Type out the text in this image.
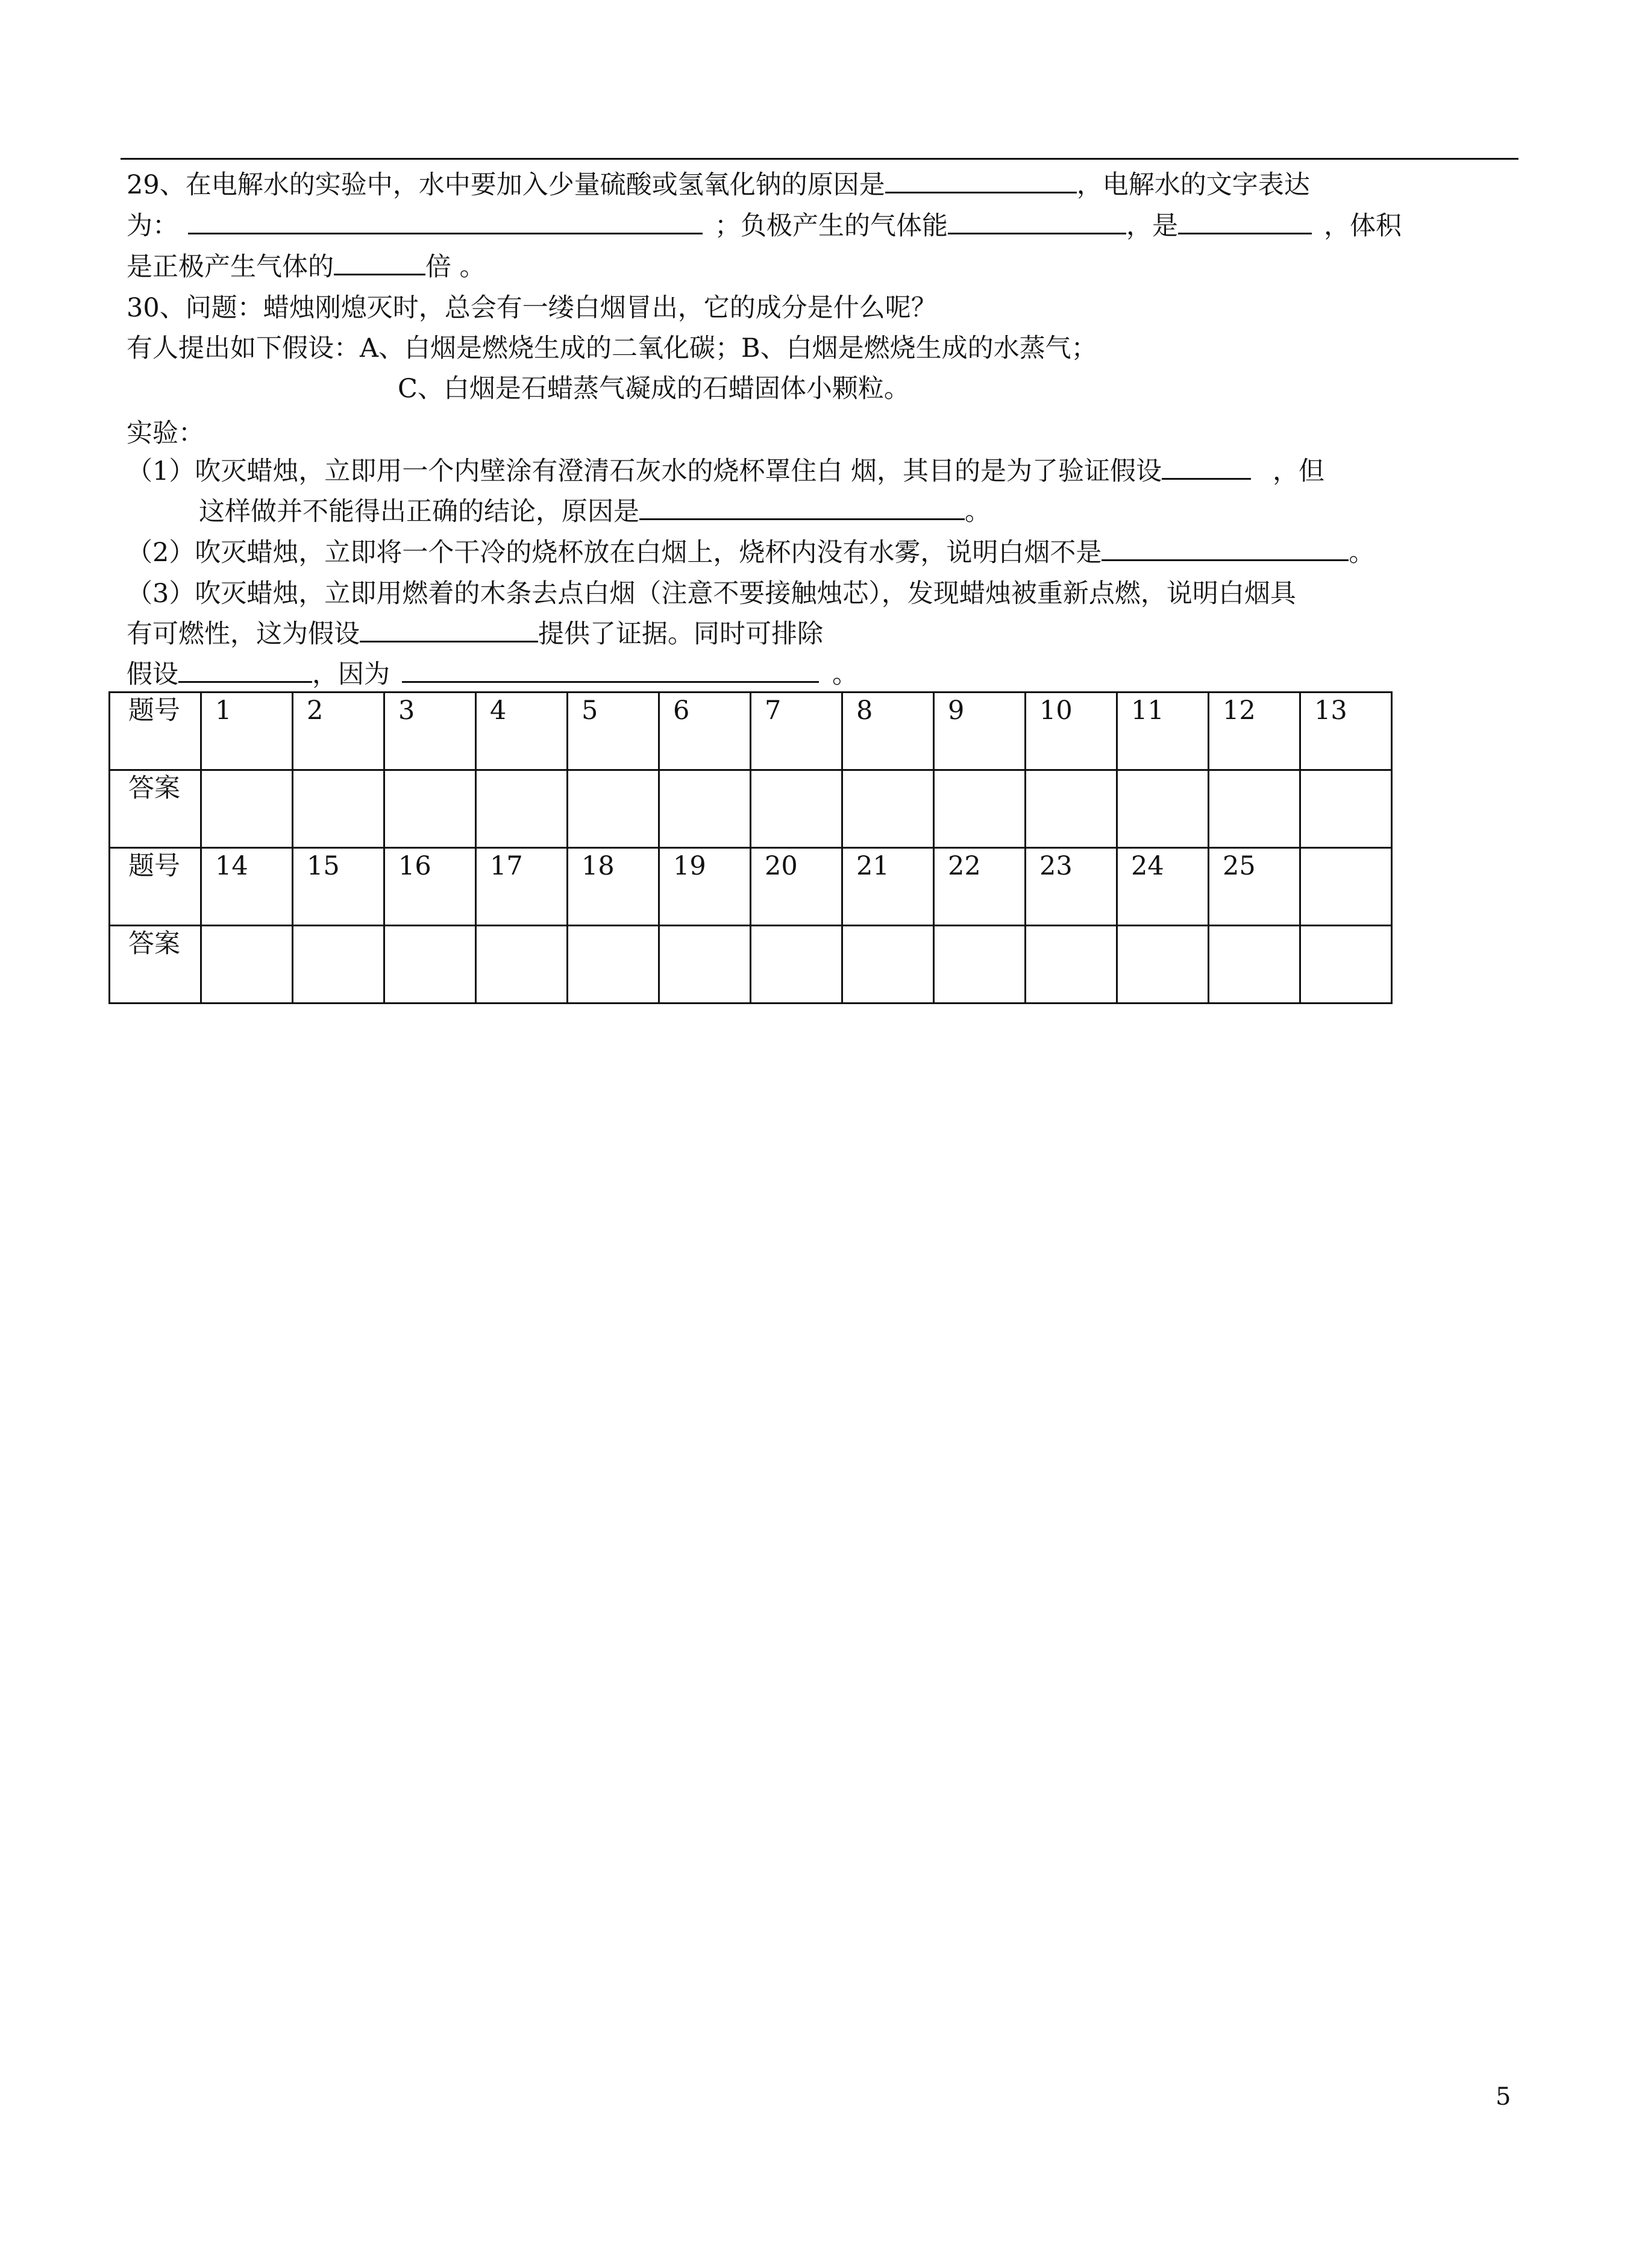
29、在电解水的实验中，水中要加入少量硫酸或氢氧化钠的原因是	，电解水的文字表达
为：	；负极产生的气体能	，是	，体积
是正极产生气体的	倍 。
30、问题：蜡烛刚熄灭时，总会有一缕白烟冒出，它的成分是什么呢？
有人提出如下假设：A、白烟是燃烧生成的二氧化碳；B、白烟是燃烧生成的水蒸气；
C、白烟是石蜡蒸气凝成的石蜡固体小颗粒。
实验：
（1）吹灭蜡烛，立即用一个内壁涂有澄清石灰水的烧杯罩住白 烟，其目的是为了验证假设	，但
这样做并不能得出正确的结论，原因是	。
（2）吹灭蜡烛，立即将一个干冷的烧杯放在白烟上，烧杯内没有水雾，说明白烟不是	。
（3）吹灭蜡烛，立即用燃着的木条去点白烟（注意不要接触烛芯），发现蜡烛被重新点燃，说明白烟具
有可燃性，这为假设	提供了证据。同时可排除
假设	，因为	。
题号	1	2	3	4	5	6	7	8	9	10	11	12	13
答案													
题号	14	15	16	17	18	19	20	21	22	23	24	25	
答案													
5
